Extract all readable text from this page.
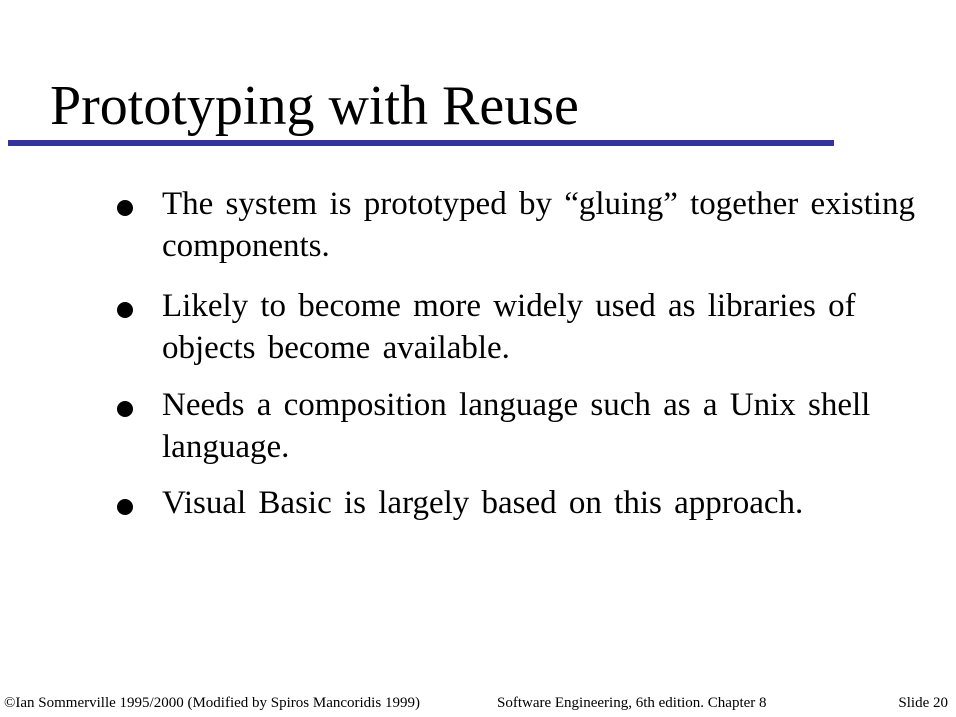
Prototyping with Reuse
The system is prototyped by “gluing” together existing components.
Likely to become more widely used as libraries of objects become available.
Needs a composition language such as a Unix shell language.
Visual Basic is largely based on this approach.
©Ian Sommerville 1995/2000 (Modified by Spiros Mancoridis 1999)	Software Engineering, 6th edition. Chapter 8	Slide 20
